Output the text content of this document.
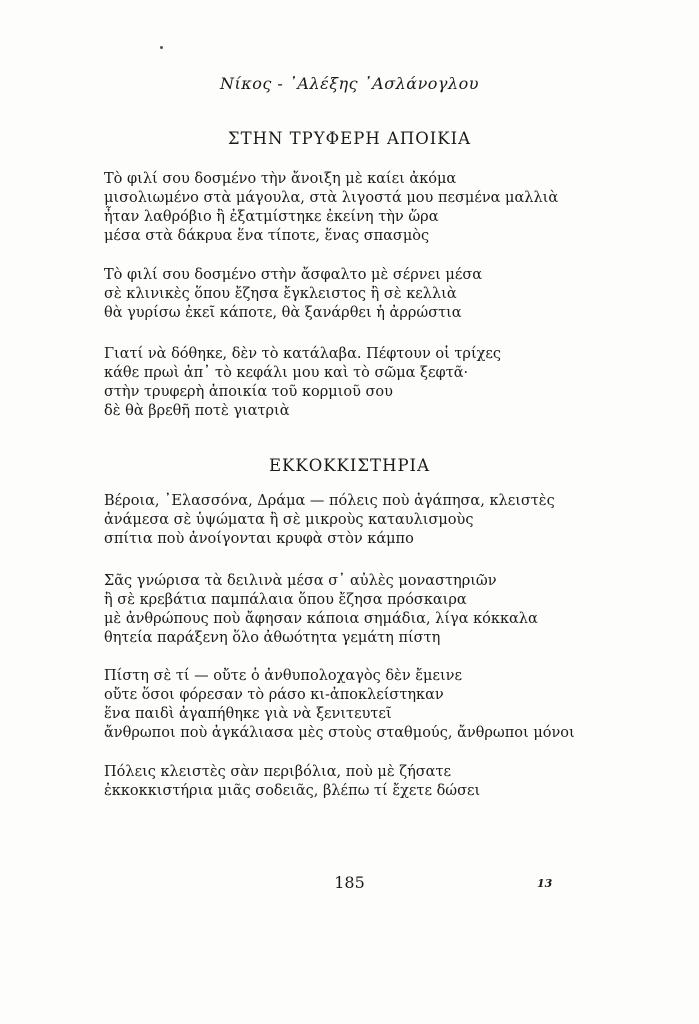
Νίκος - ᾿Αλέξης ᾿Ασλάνογλου
ΣΤΗΝ ΤΡΥΦΕΡΗ ΑΠΟΙΚΙΑ
Τὸ φιλί σου δοσμένο τὴν ἄνοιξη μὲ καίει ἀκόμα
μισολιωμένο στὰ μάγουλα, στὰ λιγοστά μου πεσμένα μαλλιὰ
ἦταν λαθρόβιο ἢ ἐξατμίστηκε ἐκείνη τὴν ὥρα
μέσα στὰ δάκρυα ἕνα τίποτε, ἕνας σπασμὸς
Τὸ φιλί σου δοσμένο στὴν ἄσφαλτο μὲ σέρνει μέσα
σὲ κλινικὲς ὅπου ἔζησα ἔγκλειστος ἢ σὲ κελλιὰ
θὰ γυρίσω ἐκεῖ κάποτε, θὰ ξανάρθει ἡ ἀρρώστια
Γιατί νὰ δόθηκε, δὲν τὸ κατάλαβα. Πέφτουν οἱ τρίχες
κάθε πρωὶ ἀπ᾿ τὸ κεφάλι μου καὶ τὸ σῶμα ξεφτᾶ·
στὴν τρυφερὴ ἀποικία τοῦ κορμιοῦ σου
δὲ θὰ βρεθῆ ποτὲ γιατριὰ
ΕΚΚΟΚΚΙΣΤΗΡΙΑ
Βέροια, ᾿Ελασσόνα, Δράμα — πόλεις ποὺ ἀγάπησα, κλειστὲς
ἀνάμεσα σὲ ὑψώματα ἢ σὲ μικροὺς καταυλισμοὺς
σπίτια ποὺ ἀνοίγονται κρυφὰ στὸν κάμπο
Σᾶς γνώρισα τὰ δειλινὰ μέσα σ᾿ αὐλὲς μοναστηριῶν
ἢ σὲ κρεβάτια παμπάλαια ὅπου ἔζησα πρόσκαιρα
μὲ ἀνθρώπους ποὺ ἄφησαν κάποια σημάδια, λίγα κόκκαλα
θητεία παράξενη ὅλο ἀθωότητα γεμάτη πίστη
Πίστη σὲ τί — οὔτε ὁ ἀνθυπολοχαγὸς δὲν ἔμεινε
οὔτε ὅσοι φόρεσαν τὸ ράσο κι-ἀποκλείστηκαν
ἕνα παιδὶ ἀγαπήθηκε γιὰ νὰ ξενιτευτεῖ
ἄνθρωποι ποὺ ἀγκάλιασα μὲς στοὺς σταθμούς, ἄνθρωποι μόνοι
Πόλεις κλειστὲς σὰν περιβόλια, ποὺ μὲ ζήσατε
ἐκκοκκιστήρια μιᾶς σοδειᾶς, βλέπω τί ἔχετε δώσει
185	13
